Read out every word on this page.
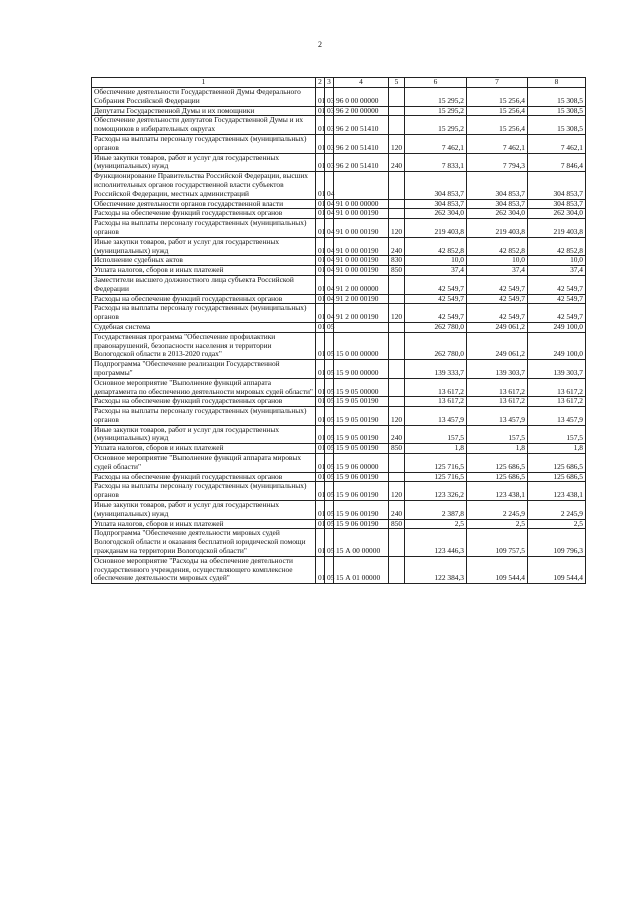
2
1	2	3	4	5	6	7	8
Обеспечение деятельности Государственной Думы Федерального Собрания Российской Федерации	01	03	96 0 00 00000		15 295,2	15 256,4	15 308,5
Депутаты Государственной Думы и их помощники	01	03	96 2 00 00000		15 295,2	15 256,4	15 308,5
Обеспечение деятельности депутатов Государственной Думы и их помощников в избирательных округах	01	03	96 2 00 51410		15 295,2	15 256,4	15 308,5
Расходы на выплаты персоналу государственных (муниципальных) органов	01	03	96 2 00 51410	120	7 462,1	7 462,1	7 462,1
Иные закупки товаров, работ и услуг для государственных (муниципальных) нужд	01	03	96 2 00 51410	240	7 833,1	7 794,3	7 846,4
Функционирование Правительства Российской Федерации, высших исполнительных органов государственной власти субъектов Российской Федерации, местных администраций	01	04			304 853,7	304 853,7	304 853,7
Обеспечение деятельности органов государственной власти	01	04	91 0 00 00000		304 853,7	304 853,7	304 853,7
Расходы на обеспечение функций государственных органов	01	04	91 0 00 00190		262 304,0	262 304,0	262 304,0
Расходы на выплаты персоналу государственных (муниципальных) органов	01	04	91 0 00 00190	120	219 403,8	219 403,8	219 403,8
Иные закупки товаров, работ и услуг для государственных (муниципальных) нужд	01	04	91 0 00 00190	240	42 852,8	42 852,8	42 852,8
Исполнение судебных актов	01	04	91 0 00 00190	830	10,0	10,0	10,0
Уплата налогов, сборов и иных платежей	01	04	91 0 00 00190	850	37,4	37,4	37,4
Заместители высшего должностного лица субъекта Российской Федерации	01	04	91 2 00 00000		42 549,7	42 549,7	42 549,7
Расходы на обеспечение функций государственных органов	01	04	91 2 00 00190		42 549,7	42 549,7	42 549,7
Расходы на выплаты персоналу государственных (муниципальных) органов	01	04	91 2 00 00190	120	42 549,7	42 549,7	42 549,7
Судебная система	01	05			262 780,0	249 061,2	249 100,0
Государственная программа "Обеспечение профилактики правонарушений, безопасности населения и территории Вологодской области в 2013-2020 годах"	01	05	15 0 00 00000		262 780,0	249 061,2	249 100,0
Подпрограмма "Обеспечение реализации Государственной программы"	01	05	15 9 00 00000		139 333,7	139 303,7	139 303,7
Основное мероприятие "Выполнение функций аппарата департамента по обеспечению деятельности мировых судей области"	01	05	15 9 05 00000		13 617,2	13 617,2	13 617,2
Расходы на обеспечение функций государственных органов	01	05	15 9 05 00190		13 617,2	13 617,2	13 617,2
Расходы на выплаты персоналу государственных (муниципальных) органов	01	05	15 9 05 00190	120	13 457,9	13 457,9	13 457,9
Иные закупки товаров, работ и услуг для государственных (муниципальных) нужд	01	05	15 9 05 00190	240	157,5	157,5	157,5
Уплата налогов, сборов и иных платежей	01	05	15 9 05 00190	850	1,8	1,8	1,8
Основное мероприятие "Выполнение функций аппарата мировых судей области"	01	05	15 9 06 00000		125 716,5	125 686,5	125 686,5
Расходы на обеспечение функций государственных органов	01	05	15 9 06 00190		125 716,5	125 686,5	125 686,5
Расходы на выплаты персоналу государственных (муниципальных) органов	01	05	15 9 06 00190	120	123 326,2	123 438,1	123 438,1
Иные закупки товаров, работ и услуг для государственных (муниципальных) нужд	01	05	15 9 06 00190	240	2 387,8	2 245,9	2 245,9
Уплата налогов, сборов и иных платежей	01	05	15 9 06 00190	850	2,5	2,5	2,5
Подпрограмма "Обеспечение деятельности мировых судей Вологодской области и оказания бесплатной юридической помощи гражданам на территории Вологодской области"	01	05	15 А 00 00000		123 446,3	109 757,5	109 796,3
Основное мероприятие "Расходы на обеспечение деятельности государственного учреждения, осуществляющего комплексное обеспечение деятельности мировых судей"	01	05	15 А 01 00000		122 384,3	109 544,4	109 544,4
